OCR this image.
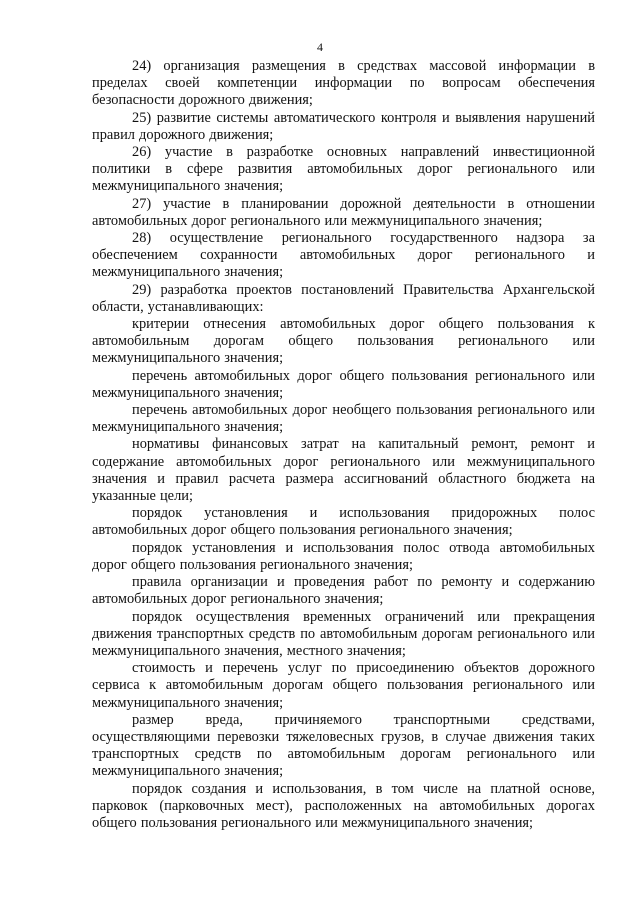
4

24) организация размещения в средствах массовой информации в пределах своей компетенции информации по вопросам обеспечения безопасности дорожного движения;

25) развитие системы автоматического контроля и выявления нарушений правил дорожного движения;

26) участие в разработке основных направлений инвестиционной политики в сфере развития автомобильных дорог регионального или межмуниципального значения;

27) участие в планировании дорожной деятельности в отношении автомобильных дорог регионального или межмуниципального значения;

28) осуществление регионального государственного надзора за обеспечением сохранности автомобильных дорог регионального и межмуниципального значения;

29) разработка проектов постановлений Правительства Архангельской области, устанавливающих:

критерии отнесения автомобильных дорог общего пользования к автомобильным дорогам общего пользования регионального или межмуниципального значения;

перечень автомобильных дорог общего пользования регионального или межмуниципального значения;

перечень автомобильных дорог необщего пользования регионального или межмуниципального значения;

нормативы финансовых затрат на капитальный ремонт, ремонт и содержание автомобильных дорог регионального или межмуниципального значения и правил расчета размера ассигнований областного бюджета на указанные цели;

порядок установления и использования придорожных полос автомобильных дорог общего пользования регионального значения;

порядок установления и использования полос отвода автомобильных дорог общего пользования регионального значения;

правила организации и проведения работ по ремонту и содержанию автомобильных дорог регионального значения;

порядок осуществления временных ограничений или прекращения движения транспортных средств по автомобильным дорогам регионального или межмуниципального значения, местного значения;

стоимость и перечень услуг по присоединению объектов дорожного сервиса к автомобильным дорогам общего пользования регионального или межмуниципального значения;

размер вреда, причиняемого транспортными средствами, осуществляющими перевозки тяжеловесных грузов, в случае движения таких транспортных средств по автомобильным дорогам регионального или межмуниципального значения;

порядок создания и использования, в том числе на платной основе, парковок (парковочных мест), расположенных на автомобильных дорогах общего пользования регионального или межмуниципального значения;
